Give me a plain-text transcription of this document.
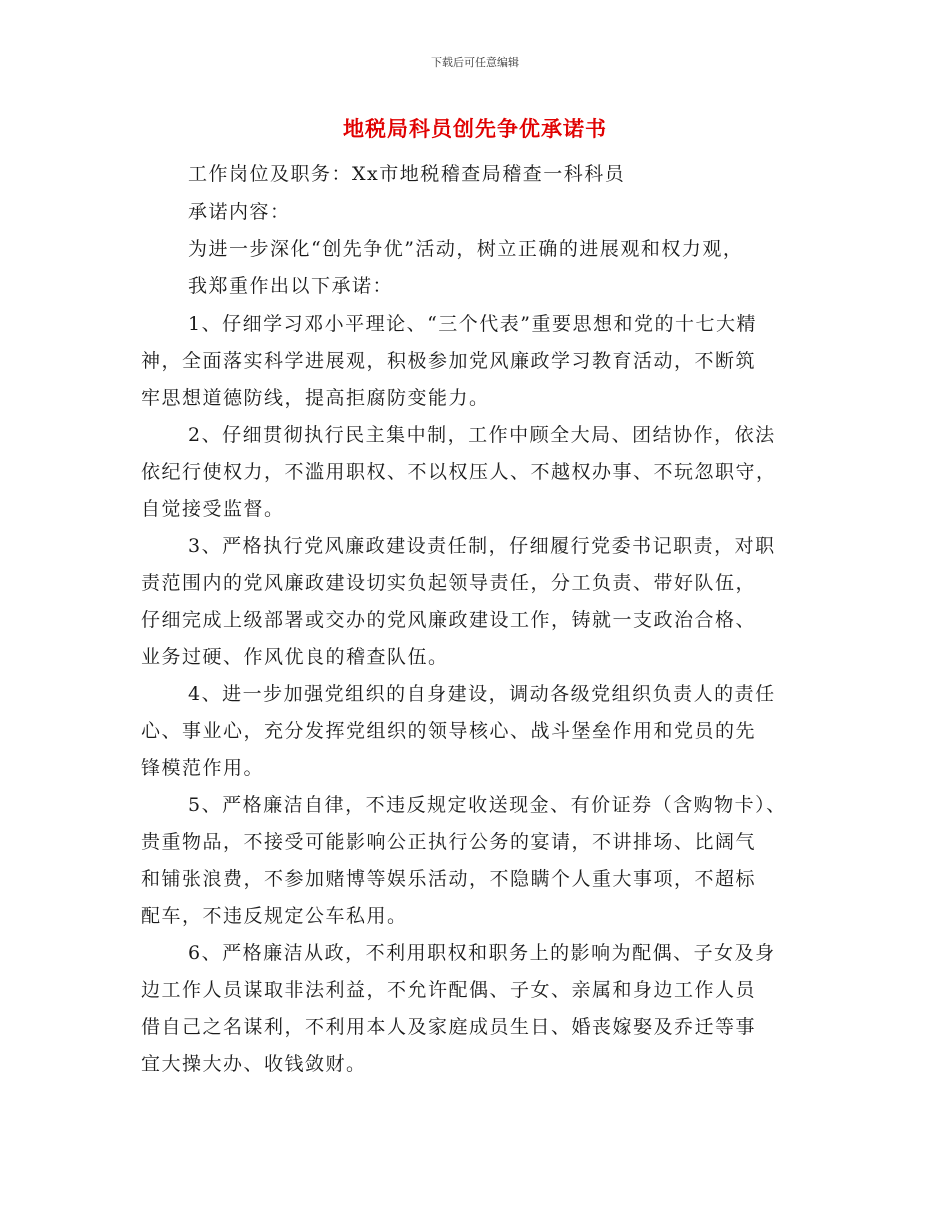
下载后可任意编辑
地税局科员创先争优承诺书
工作岗位及职务：Xx市地税稽查局稽查一科科员
承诺内容：
为进一步深化“创先争优”活动，树立正确的进展观和权力观，
我郑重作出以下承诺：
1、仔细学习邓小平理论、“三个代表”重要思想和党的十七大精
神，全面落实科学进展观，积极参加党风廉政学习教育活动，不断筑
牢思想道德防线，提高拒腐防变能力。
2、仔细贯彻执行民主集中制，工作中顾全大局、团结协作，依法
依纪行使权力，不滥用职权、不以权压人、不越权办事、不玩忽职守，
自觉接受监督。
3、严格执行党风廉政建设责任制，仔细履行党委书记职责，对职
责范围内的党风廉政建设切实负起领导责任，分工负责、带好队伍，
仔细完成上级部署或交办的党风廉政建设工作，铸就一支政治合格、
业务过硬、作风优良的稽查队伍。
4、进一步加强党组织的自身建设，调动各级党组织负责人的责任
心、事业心，充分发挥党组织的领导核心、战斗堡垒作用和党员的先
锋模范作用。
5、严格廉洁自律，不违反规定收送现金、有价证券（含购物卡）、
贵重物品，不接受可能影响公正执行公务的宴请，不讲排场、比阔气
和铺张浪费，不参加赌博等娱乐活动，不隐瞒个人重大事项，不超标
配车，不违反规定公车私用。
6、严格廉洁从政，不利用职权和职务上的影响为配偶、子女及身
边工作人员谋取非法利益，不允许配偶、子女、亲属和身边工作人员
借自己之名谋利，不利用本人及家庭成员生日、婚丧嫁娶及乔迁等事
宜大操大办、收钱敛财。
